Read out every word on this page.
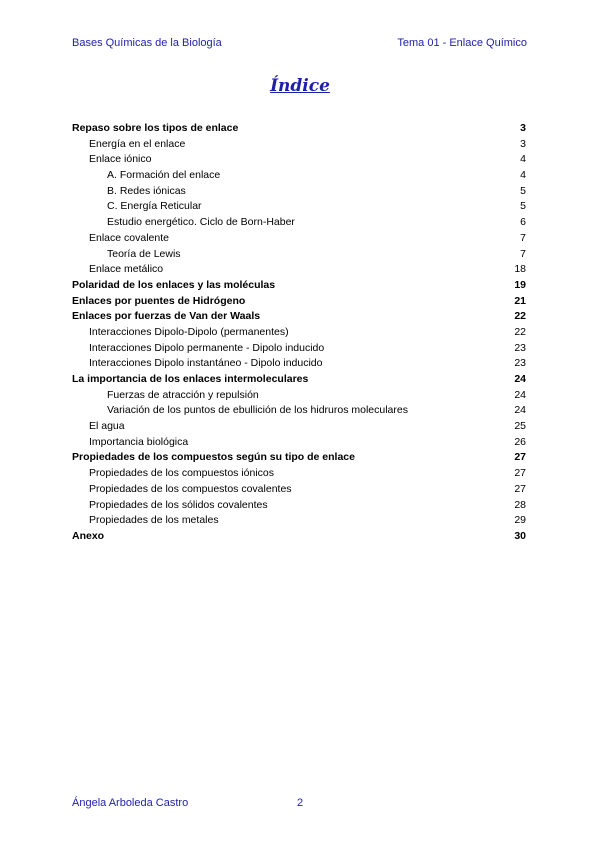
Bases Químicas de la Biología	Tema 01 - Enlace Químico
Índice
Repaso sobre los tipos de enlace	3
Energía en el enlace	3
Enlace iónico	4
A. Formación del enlace	4
B. Redes iónicas	5
C. Energía Reticular	5
Estudio energético. Ciclo de Born-Haber	6
Enlace covalente	7
Teoría de Lewis	7
Enlace metálico	18
Polaridad de los enlaces y las moléculas	19
Enlaces por puentes de Hidrógeno	21
Enlaces por fuerzas de Van der Waals	22
Interacciones Dipolo-Dipolo (permanentes)	22
Interacciones Dipolo permanente - Dipolo inducido	23
Interacciones Dipolo instantáneo - Dipolo inducido	23
La importancia de los enlaces intermoleculares	24
Fuerzas de atracción y repulsión	24
Variación de los puntos de ebullición de los hidruros moleculares	24
El agua	25
Importancia biológica	26
Propiedades de los compuestos según su tipo de enlace	27
Propiedades de los compuestos iónicos	27
Propiedades de los compuestos covalentes	27
Propiedades de los sólidos covalentes	28
Propiedades de los metales	29
Anexo	30
Ángela Arboleda Castro	2
